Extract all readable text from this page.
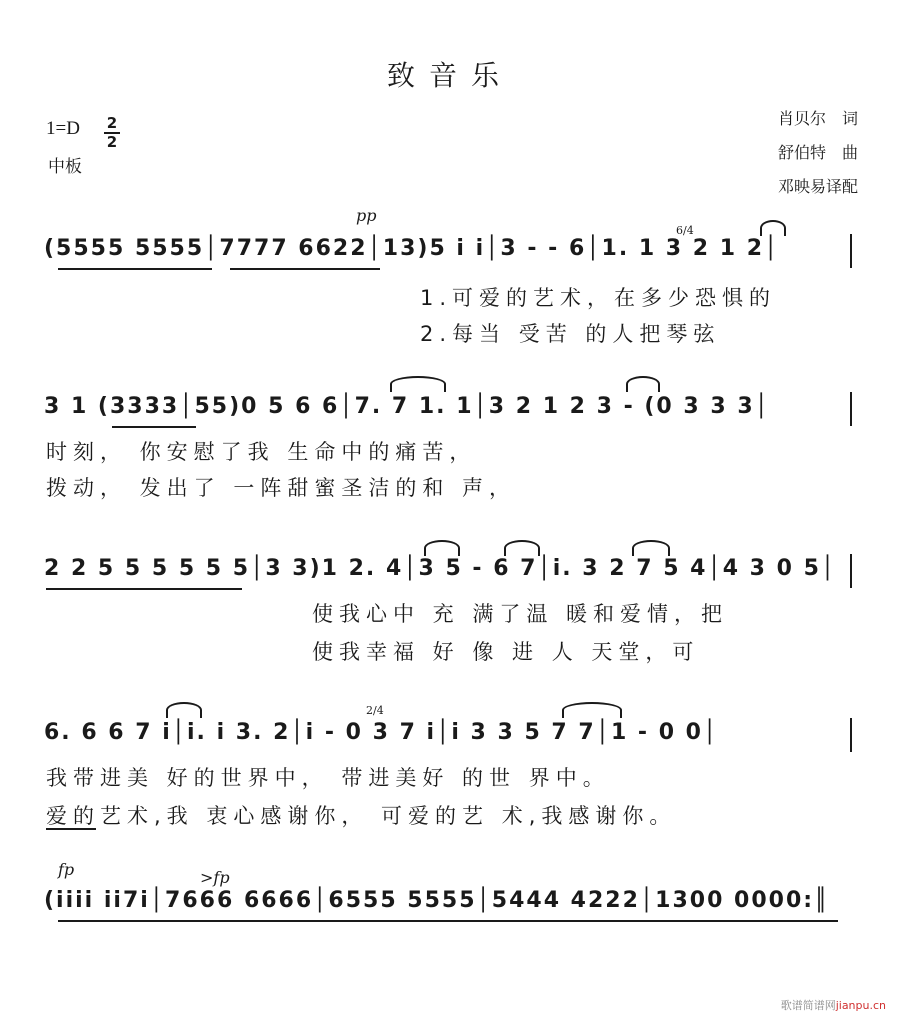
致音乐
1=D 2
2
中板
肖贝尔　词
舒伯特　曲
邓映易译配
pp
6/4
(5555 5555│7777 6622│13)5 i i│3 - - 6│1. 1 3 2 1 2│
1.可爱的艺术，在多少恐惧的
2.每当 受苦 的人把琴弦
3 1 (3333│55)0 5 6 6│7. 7 1. 1│3 2 1 2 3 - (0 3 3 3│
时刻， 你安慰了我 生命中的痛苦，
拨动， 发出了 一阵甜蜜圣洁的和 声，
2 2 5 5 5 5 5 5│3 3)1 2. 4│3 5 - 6 7│i. 3 2 7 5 4│4 3 0 5│
使我心中 充 满了温 暖和爱情，把
使我幸福 好 像 进 人 天堂，可
2/4
6. 6 6 7 i│i. i 3. 2│i - 0 3 7 i│i 3 3 5 7 7│1 - 0 0│
我带进美 好的世界中， 带进美好 的世 界中。
爱的艺术,我 衷心感谢你， 可爱的艺 术,我感谢你。
fp	>fp
(iiii ii7i│7666 6666│6555 5555│5444 4222│1300 0000:║
歌谱简谱网jianpu.cn
